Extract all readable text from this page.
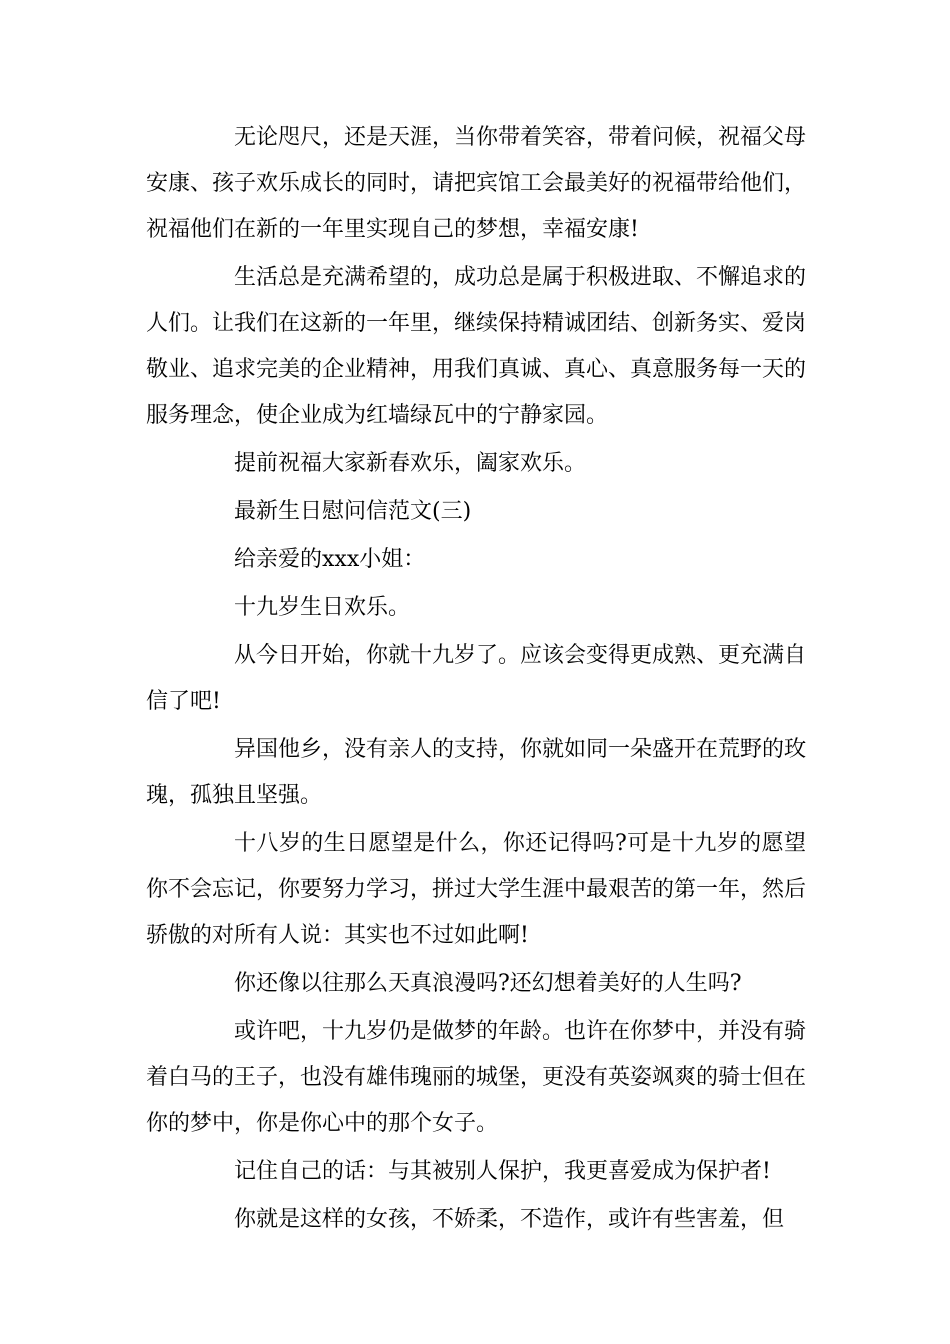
无论咫尺，还是天涯，当你带着笑容，带着问候，祝福父母安康、孩子欢乐成长的同时，请把宾馆工会最美好的祝福带给他们，祝福他们在新的一年里实现自己的梦想，幸福安康!

生活总是充满希望的，成功总是属于积极进取、不懈追求的人们。让我们在这新的一年里，继续保持精诚团结、创新务实、爱岗敬业、追求完美的企业精神，用我们真诚、真心、真意服务每一天的服务理念，使企业成为红墙绿瓦中的宁静家园。

提前祝福大家新春欢乐，阖家欢乐。

最新生日慰问信范文(三)

给亲爱的xxx小姐：

十九岁生日欢乐。

从今日开始，你就十九岁了。应该会变得更成熟、更充满自信了吧!

异国他乡，没有亲人的支持，你就如同一朵盛开在荒野的玫瑰，孤独且坚强。

十八岁的生日愿望是什么，你还记得吗?可是十九岁的愿望你不会忘记，你要努力学习，拼过大学生涯中最艰苦的第一年，然后骄傲的对所有人说：其实也不过如此啊!

你还像以往那么天真浪漫吗?还幻想着美好的人生吗?

或许吧，十九岁仍是做梦的年龄。也许在你梦中，并没有骑着白马的王子，也没有雄伟瑰丽的城堡，更没有英姿飒爽的骑士但在你的梦中，你是你心中的那个女子。

记住自己的话：与其被别人保护，我更喜爱成为保护者!

你就是这样的女孩，不娇柔，不造作，或许有些害羞，但
